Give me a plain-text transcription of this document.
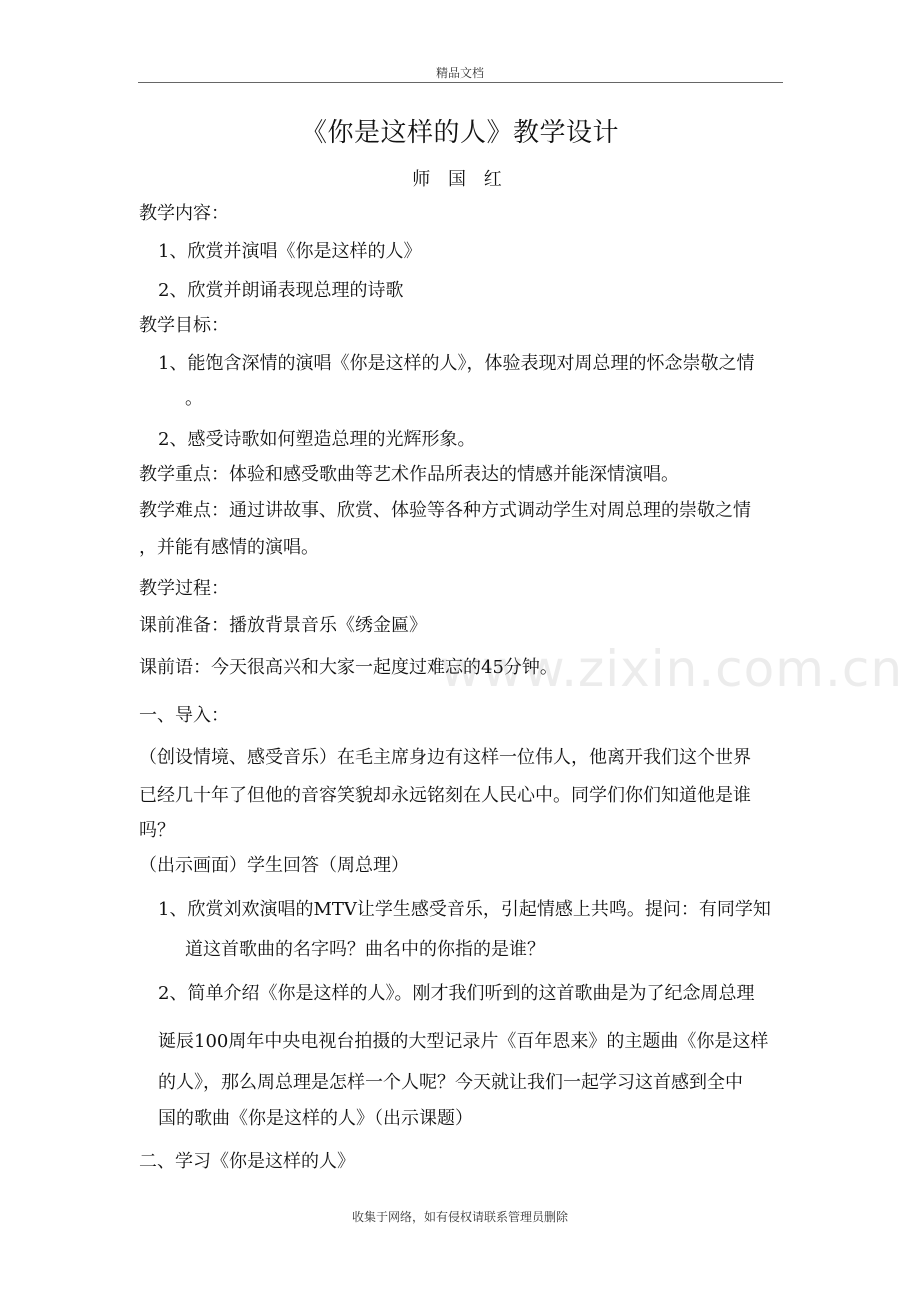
精品文档
www.zixin.com.cn
《你是这样的人》教学设计
师 国 红
教学内容：
1、欣赏并演唱《你是这样的人》
2、欣赏并朗诵表现总理的诗歌
教学目标：
1、能饱含深情的演唱《你是这样的人》，体验表现对周总理的怀念崇敬之情
。
2、感受诗歌如何塑造总理的光辉形象。
教学重点：体验和感受歌曲等艺术作品所表达的情感并能深情演唱。
教学难点：通过讲故事、欣赏、体验等各种方式调动学生对周总理的崇敬之情
，并能有感情的演唱。
教学过程：
课前准备：播放背景音乐《绣金匾》
课前语：今天很高兴和大家一起度过难忘的45分钟。
一、导入：
（创设情境、感受音乐）在毛主席身边有这样一位伟人，他离开我们这个世界
已经几十年了但他的音容笑貌却永远铭刻在人民心中。同学们你们知道他是谁
吗？
（出示画面）学生回答（周总理）
1、欣赏刘欢演唱的MTV让学生感受音乐，引起情感上共鸣。提问：有同学知
道这首歌曲的名字吗？曲名中的你指的是谁？
2、简单介绍《你是这样的人》。刚才我们听到的这首歌曲是为了纪念周总理
诞辰100周年中央电视台拍摄的大型记录片《百年恩来》的主题曲《你是这样
的人》，那么周总理是怎样一个人呢？今天就让我们一起学习这首感到全中
国的歌曲《你是这样的人》（出示课题）
二、学习《你是这样的人》
收集于网络，如有侵权请联系管理员删除
